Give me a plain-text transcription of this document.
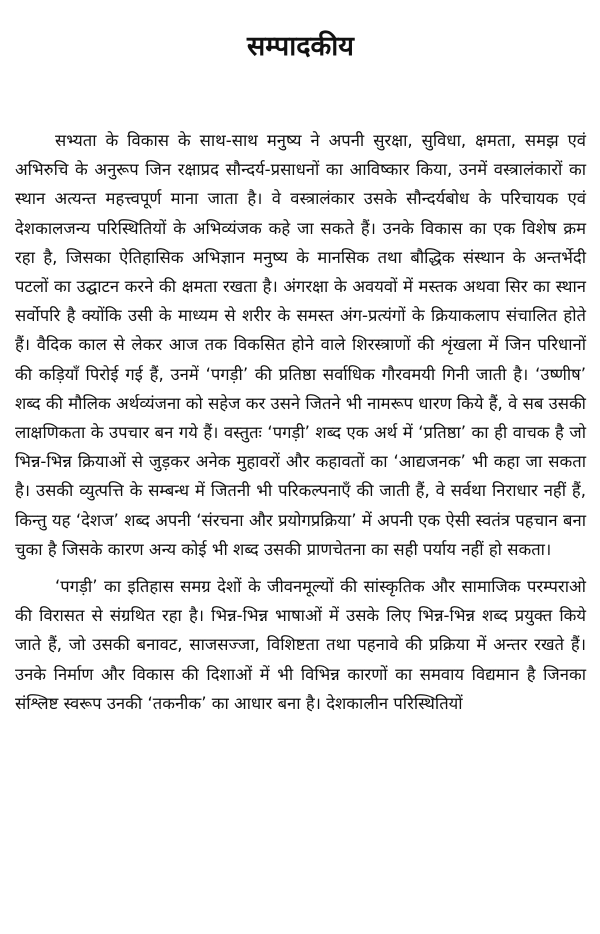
सम्पादकीय

सभ्यता के विकास के साथ-साथ मनुष्य ने अपनी सुरक्षा, सुविधा, क्षमता, समझ एवं अभिरुचि के अनुरूप जिन रक्षाप्रद सौन्दर्य-प्रसाधनों का आविष्कार किया, उनमें वस्त्रालंकारों का स्थान अत्यन्त महत्त्वपूर्ण माना जाता है। वे वस्त्रालंकार उसके सौन्दर्यबोध के परिचायक एवं देशकालजन्य परिस्थितियों के अभिव्यंजक कहे जा सकते हैं। उनके विकास का एक विशेष क्रम रहा है, जिसका ऐतिहासिक अभिज्ञान मनुष्य के मानसिक तथा बौद्धिक संस्थान के अन्तर्भेदी पटलों का उद्घाटन करने की क्षमता रखता है। अंगरक्षा के अवयवों में मस्तक अथवा सिर का स्थान सर्वोपरि है क्योंकि उसी के माध्यम से शरीर के समस्त अंग-प्रत्यंगों के क्रियाकलाप संचालित होते हैं। वैदिक काल से लेकर आज तक विकसित होने वाले शिरस्त्राणों की शृंखला में जिन परिधानों की कड़ियाँ पिरोई गई हैं, उनमें ‘पगड़ी’ की प्रतिष्ठा सर्वाधिक गौरवमयी गिनी जाती है। ‘उष्णीष’ शब्द की मौलिक अर्थव्यंजना को सहेज कर उसने जितने भी नामरूप धारण किये हैं, वे सब उसकी लाक्षणिकता के उपचार बन गये हैं। वस्तुतः ‘पगड़ी’ शब्द एक अर्थ में ‘प्रतिष्ठा’ का ही वाचक है जो भिन्न-भिन्न क्रियाओं से जुड़कर अनेक मुहावरों और कहावतों का ‘आद्यजनक’ भी कहा जा सकता है। उसकी व्युत्पत्ति के सम्बन्ध में जितनी भी परिकल्पनाएँ की जाती हैं, वे सर्वथा निराधार नहीं हैं, किन्तु यह ‘देशज’ शब्द अपनी ‘संरचना और प्रयोगप्रक्रिया’ में अपनी एक ऐसी स्वतंत्र पहचान बना चुका है जिसके कारण अन्य कोई भी शब्द उसकी प्राणचेतना का सही पर्याय नहीं हो सकता।

‘पगड़ी’ का इतिहास समग्र देशों के जीवनमूल्यों की सांस्कृतिक और सामाजिक परम्पराओ की विरासत से संग्रथित रहा है। भिन्न-भिन्न भाषाओं में उसके लिए भिन्न-भिन्न शब्द प्रयुक्त किये जाते हैं, जो उसकी बनावट, साजसज्जा, विशिष्टता तथा पहनावे की प्रक्रिया में अन्तर रखते हैं। उनके निर्माण और विकास की दिशाओं में भी विभिन्न कारणों का समवाय विद्यमान है जिनका संश्लिष्ट स्वरूप उनकी ‘तकनीक’ का आधार बना है। देशकालीन परिस्थितियों
